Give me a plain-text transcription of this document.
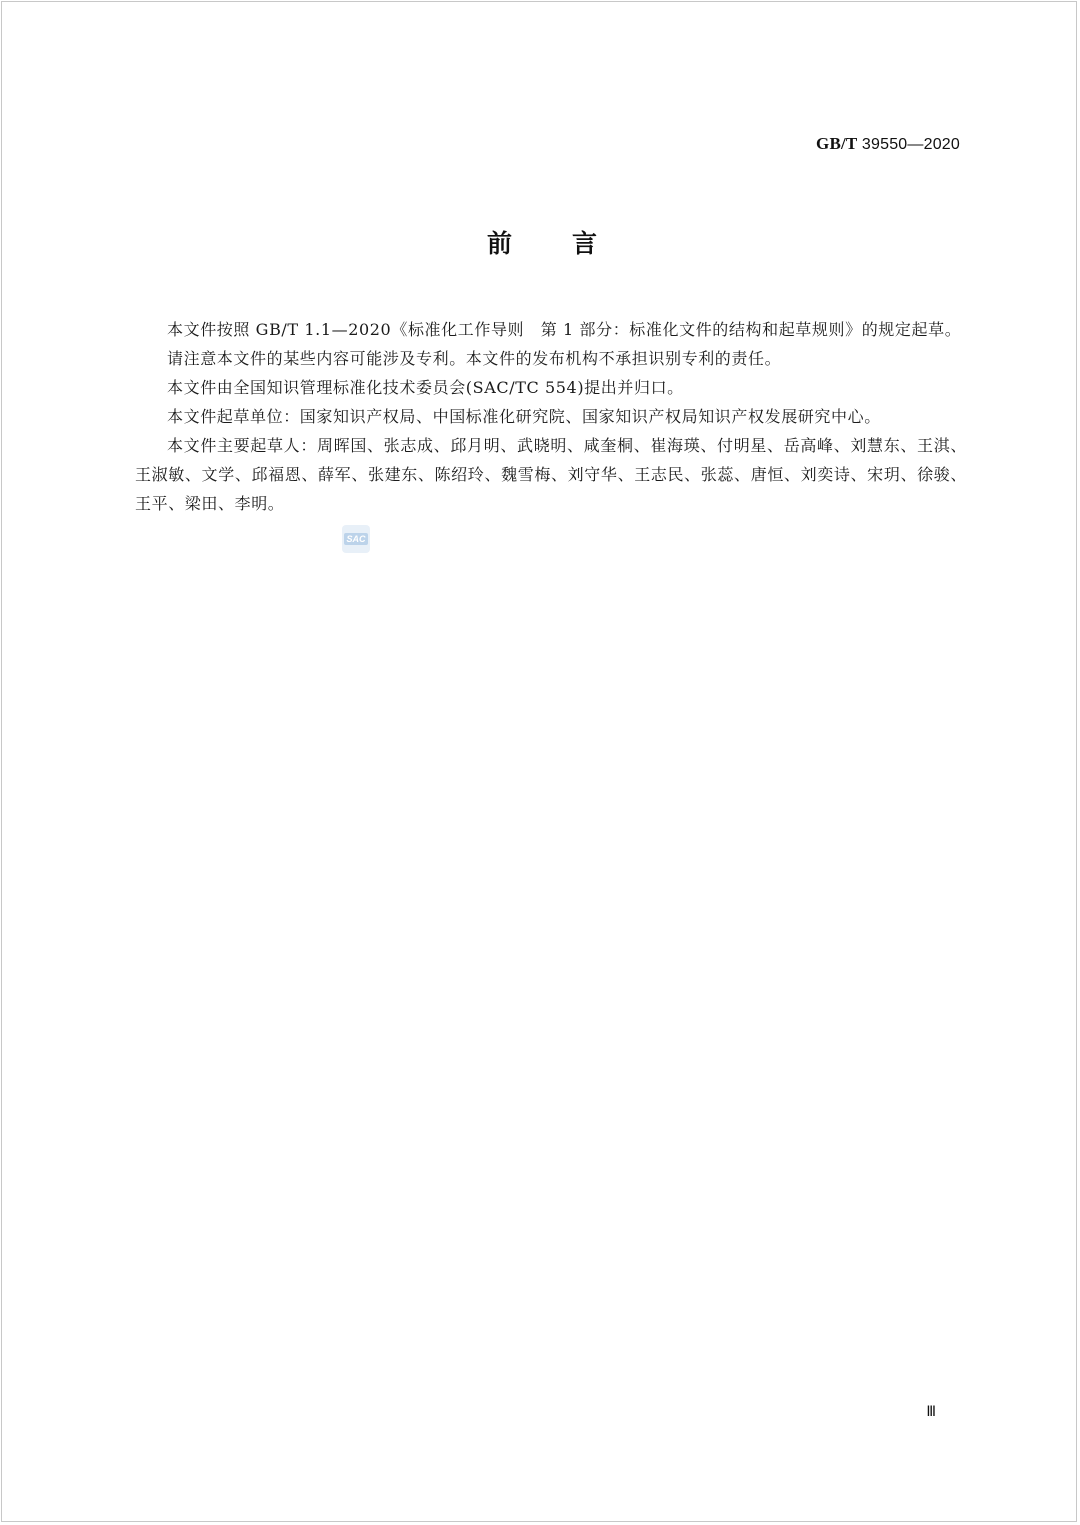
GB/T 39550—2020
前言

本文件按照 GB/T 1.1—2020《标准化工作导则　第 1 部分：标准化文件的结构和起草规则》的规定起草。

请注意本文件的某些内容可能涉及专利。本文件的发布机构不承担识别专利的责任。

本文件由全国知识管理标准化技术委员会(SAC/TC 554)提出并归口。

本文件起草单位：国家知识产权局、中国标准化研究院、国家知识产权局知识产权发展研究中心。

本文件主要起草人：周晖国、张志成、邱月明、武晓明、咸奎桐、崔海瑛、付明星、岳高峰、刘慧东、王淇、王淑敏、文学、邱福恩、薛军、张建东、陈绍玲、魏雪梅、刘守华、王志民、张蕊、唐恒、刘奕诗、宋玥、徐骏、王平、梁田、李明。

SAC
Ⅲ
